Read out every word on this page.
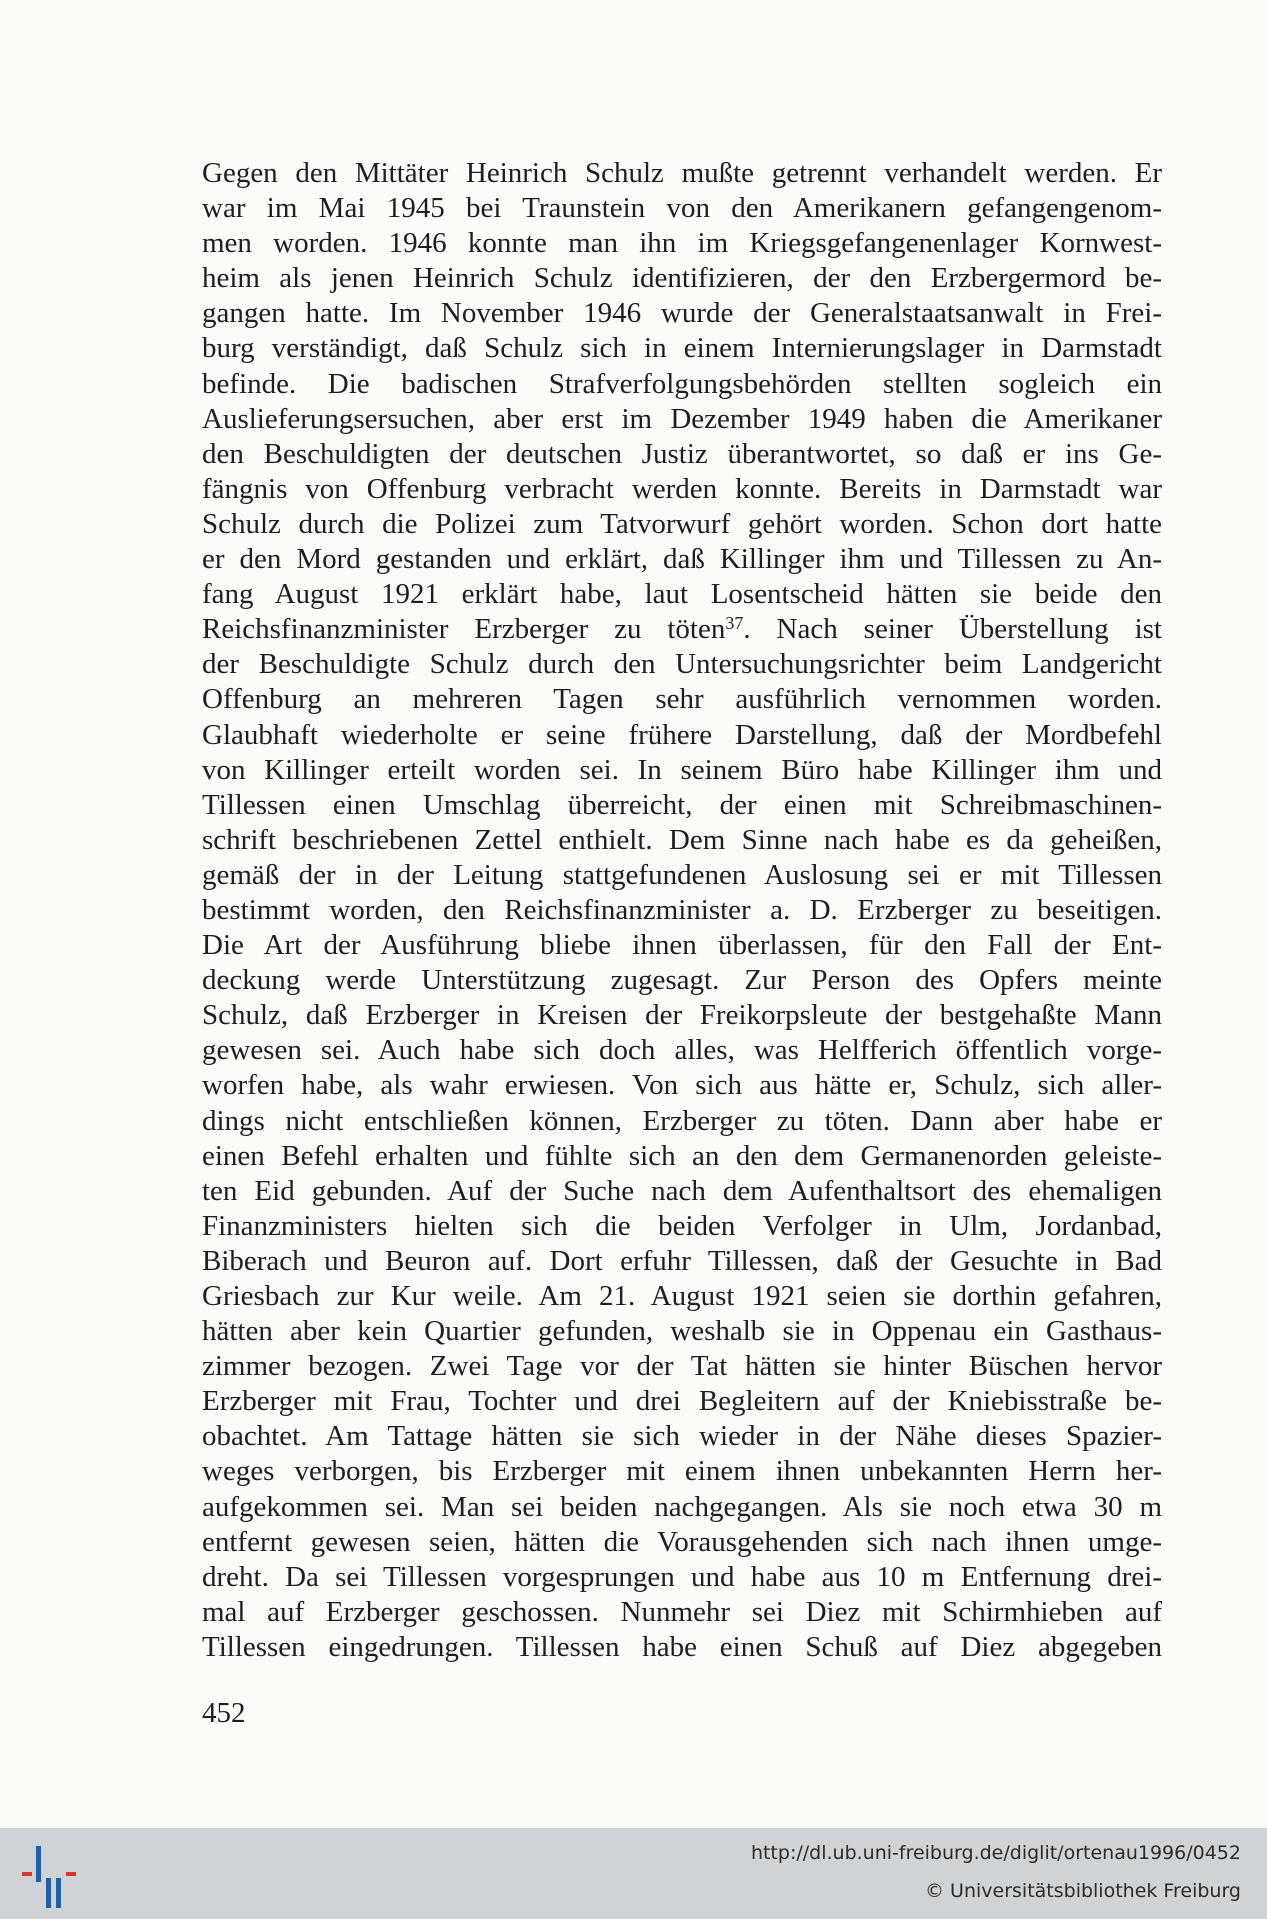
Gegen den Mittäter Heinrich Schulz mußte getrennt verhandelt werden. Er
war im Mai 1945 bei Traunstein von den Amerikanern gefangengenom-
men worden. 1946 konnte man ihn im Kriegsgefangenenlager Kornwest-
heim als jenen Heinrich Schulz identifizieren, der den Erzbergermord be-
gangen hatte. Im November 1946 wurde der Generalstaatsanwalt in Frei-
burg verständigt, daß Schulz sich in einem Internierungslager in Darmstadt
befinde. Die badischen Strafverfolgungsbehörden stellten sogleich ein
Auslieferungsersuchen, aber erst im Dezember 1949 haben die Amerikaner
den Beschuldigten der deutschen Justiz überantwortet, so daß er ins Ge-
fängnis von Offenburg verbracht werden konnte. Bereits in Darmstadt war
Schulz durch die Polizei zum Tatvorwurf gehört worden. Schon dort hatte
er den Mord gestanden und erklärt, daß Killinger ihm und Tillessen zu An-
fang August 1921 erklärt habe, laut Losentscheid hätten sie beide den
Reichsfinanzminister Erzberger zu töten$^{37}$. Nach seiner Überstellung ist
der Beschuldigte Schulz durch den Untersuchungsrichter beim Landgericht
Offenburg an mehreren Tagen sehr ausführlich vernommen worden.
Glaubhaft wiederholte er seine frühere Darstellung, daß der Mordbefehl
von Killinger erteilt worden sei. In seinem Büro habe Killinger ihm und
Tillessen einen Umschlag überreicht, der einen mit Schreibmaschinen-
schrift beschriebenen Zettel enthielt. Dem Sinne nach habe es da geheißen,
gemäß der in der Leitung stattgefundenen Auslosung sei er mit Tillessen
bestimmt worden, den Reichsfinanzminister a. D. Erzberger zu beseitigen.
Die Art der Ausführung bliebe ihnen überlassen, für den Fall der Ent-
deckung werde Unterstützung zugesagt. Zur Person des Opfers meinte
Schulz, daß Erzberger in Kreisen der Freikorpsleute der bestgehaßte Mann
gewesen sei. Auch habe sich doch alles, was Helfferich öffentlich vorge-
worfen habe, als wahr erwiesen. Von sich aus hätte er, Schulz, sich aller-
dings nicht entschließen können, Erzberger zu töten. Dann aber habe er
einen Befehl erhalten und fühlte sich an den dem Germanenorden geleiste-
ten Eid gebunden. Auf der Suche nach dem Aufenthaltsort des ehemaligen
Finanzministers hielten sich die beiden Verfolger in Ulm, Jordanbad,
Biberach und Beuron auf. Dort erfuhr Tillessen, daß der Gesuchte in Bad
Griesbach zur Kur weile. Am 21. August 1921 seien sie dorthin gefahren,
hätten aber kein Quartier gefunden, weshalb sie in Oppenau ein Gasthaus-
zimmer bezogen. Zwei Tage vor der Tat hätten sie hinter Büschen hervor
Erzberger mit Frau, Tochter und drei Begleitern auf der Kniebisstraße be-
obachtet. Am Tattage hätten sie sich wieder in der Nähe dieses Spazier-
weges verborgen, bis Erzberger mit einem ihnen unbekannten Herrn her-
aufgekommen sei. Man sei beiden nachgegangen. Als sie noch etwa 30 m
entfernt gewesen seien, hätten die Vorausgehenden sich nach ihnen umge-
dreht. Da sei Tillessen vorgesprungen und habe aus 10 m Entfernung drei-
mal auf Erzberger geschossen. Nunmehr sei Diez mit Schirmhieben auf
Tillessen eingedrungen. Tillessen habe einen Schuß auf Diez abgegeben
452
http://dl.ub.uni-freiburg.de/diglit/ortenau1996/0452
© Universitätsbibliothek Freiburg
